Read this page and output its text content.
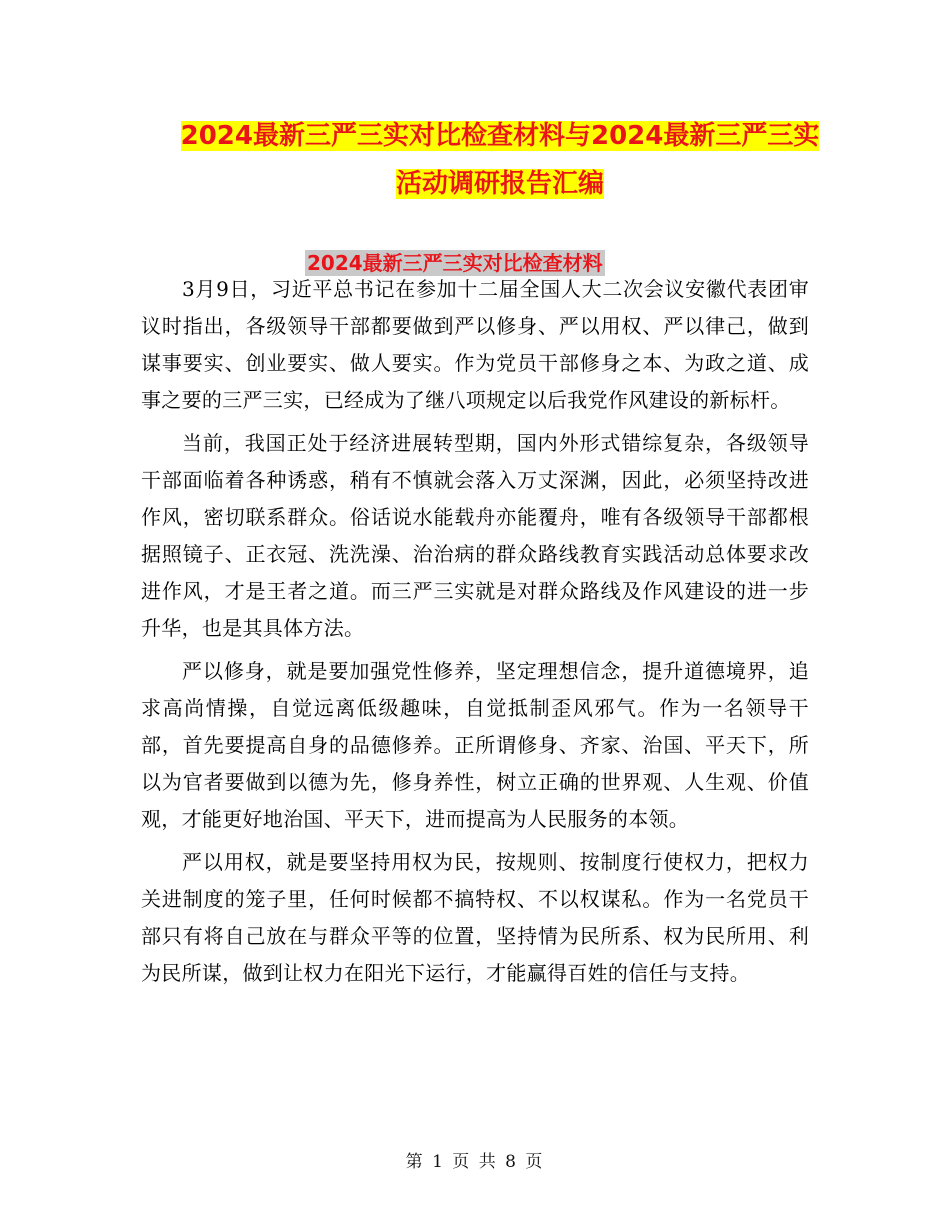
2024最新三严三实对比检查材料与2024最新三严三实
活动调研报告汇编
2024最新三严三实对比检查材料

3月9日，习近平总书记在参加十二届全国人大二次会议安徽代表团审议时指出，各级领导干部都要做到严以修身、严以用权、严以律己，做到谋事要实、创业要实、做人要实。作为党员干部修身之本、为政之道、成事之要的三严三实，已经成为了继八项规定以后我党作风建设的新标杆。

当前，我国正处于经济进展转型期，国内外形式错综复杂，各级领导干部面临着各种诱惑，稍有不慎就会落入万丈深渊，因此，必须坚持改进作风，密切联系群众。俗话说水能载舟亦能覆舟，唯有各级领导干部都根据照镜子、正衣冠、洗洗澡、治治病的群众路线教育实践活动总体要求改进作风，才是王者之道。而三严三实就是对群众路线及作风建设的进一步升华，也是其具体方法。

严以修身，就是要加强党性修养，坚定理想信念，提升道德境界，追求高尚情操，自觉远离低级趣味，自觉抵制歪风邪气。作为一名领导干部，首先要提高自身的品德修养。正所谓修身、齐家、治国、平天下，所以为官者要做到以德为先，修身养性，树立正确的世界观、人生观、价值观，才能更好地治国、平天下，进而提高为人民服务的本领。

严以用权，就是要坚持用权为民，按规则、按制度行使权力，把权力关进制度的笼子里，任何时候都不搞特权、不以权谋私。作为一名党员干部只有将自己放在与群众平等的位置，坚持情为民所系、权为民所用、利为民所谋，做到让权力在阳光下运行，才能赢得百姓的信任与支持。

第 1 页 共 8 页
